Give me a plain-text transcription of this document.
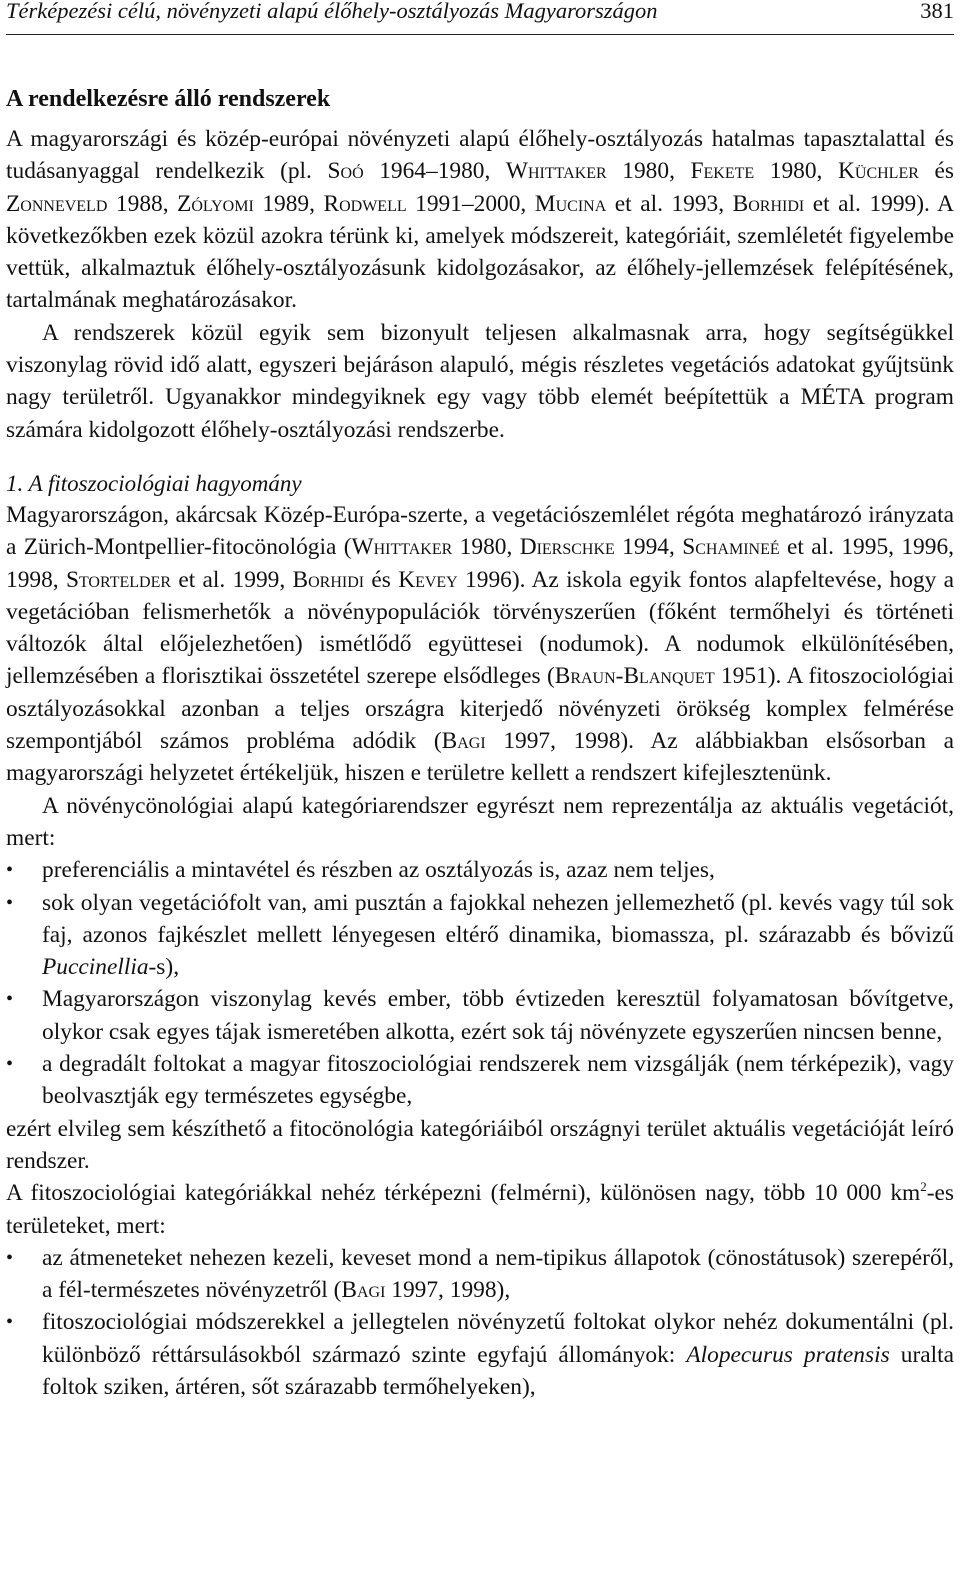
Térképezési célú, növényzeti alapú élőhely-osztályozás Magyarországon	381
A rendelkezésre álló rendszerek

A magyarországi és közép-európai növényzeti alapú élőhely-osztályozás hatalmas tapasztalattal és tudásanyaggal rendelkezik (pl. Soó 1964–1980, Whittaker 1980, Fekete 1980, Küchler és Zonneveld 1988, Zólyomi 1989, Rodwell 1991–2000, Mucina et al. 1993, Borhidi et al. 1999). A következőkben ezek közül azokra térünk ki, amelyek módszereit, kategóriáit, szemléletét figyelembe vettük, alkalmaztuk élőhely-osztályozásunk kidolgozásakor, az élőhely-jellemzések felépítésének, tartalmának meghatározásakor.

A rendszerek közül egyik sem bizonyult teljesen alkalmasnak arra, hogy segítségükkel viszonylag rövid idő alatt, egyszeri bejáráson alapuló, mégis részletes vegetációs adatokat gyűjtsünk nagy területről. Ugyanakkor mindegyiknek egy vagy több elemét beépítettük a MÉTA program számára kidolgozott élőhely-osztályozási rendszerbe.

1. A fitoszociológiai hagyomány

Magyarországon, akárcsak Közép-Európa-szerte, a vegetációszemlélet régóta meghatározó irányzata a Zürich-Montpellier-fitocönológia (Whittaker 1980, Dierschke 1994, Schamineé et al. 1995, 1996, 1998, Stortelder et al. 1999, Borhidi és Kevey 1996). Az iskola egyik fontos alapfeltevése, hogy a vegetációban felismerhetők a növénypopulációk törvényszerűen (főként termőhelyi és történeti változók által előjelezhetően) ismétlődő együttesei (nodumok). A nodumok elkülönítésében, jellemzésében a florisztikai összetétel szerepe elsődleges (Braun-Blanquet 1951). A fitoszociológiai osztályozásokkal azonban a teljes országra kiterjedő növényzeti örökség komplex felmérése szempontjából számos probléma adódik (Bagi 1997, 1998). Az alábbiakban elsősorban a magyarországi helyzetet értékeljük, hiszen e területre kellett a rendszert kifejlesztenünk.

A növénycönológiai alapú kategóriarendszer egyrészt nem reprezentálja az aktuális vegetációt, mert:

• preferenciális a mintavétel és részben az osztályozás is, azaz nem teljes,
• sok olyan vegetációfolt van, ami pusztán a fajokkal nehezen jellemezhető (pl. kevés vagy túl sok faj, azonos fajkészlet mellett lényegesen eltérő dinamika, biomassza, pl. szárazabb és bővizű Puccinellia-s),
• Magyarországon viszonylag kevés ember, több évtizeden keresztül folyamatosan bővítgetve, olykor csak egyes tájak ismeretében alkotta, ezért sok táj növényzete egyszerűen nincsen benne,
• a degradált foltokat a magyar fitoszociológiai rendszerek nem vizsgálják (nem térképezik), vagy beolvasztják egy természetes egységbe,

ezért elvileg sem készíthető a fitocönológia kategóriáiból országnyi terület aktuális vegetációját leíró rendszer.

A fitoszociológiai kategóriákkal nehéz térképezni (felmérni), különösen nagy, több 10 000 $km^2-es$ területeket, mert:

• az átmeneteket nehezen kezeli, keveset mond a nem-tipikus állapotok (cönostátusok) szerepéről, a fél-természetes növényzetről (Bagi 1997, 1998),
• fitoszociológiai módszerekkel a jellegtelen növényzetű foltokat olykor nehéz dokumentálni (pl. különböző réttársulásokból származó szinte egyfajú állományok: Alopecurus pratensis uralta foltok sziken, ártéren, sőt szárazabb termőhelyeken),
